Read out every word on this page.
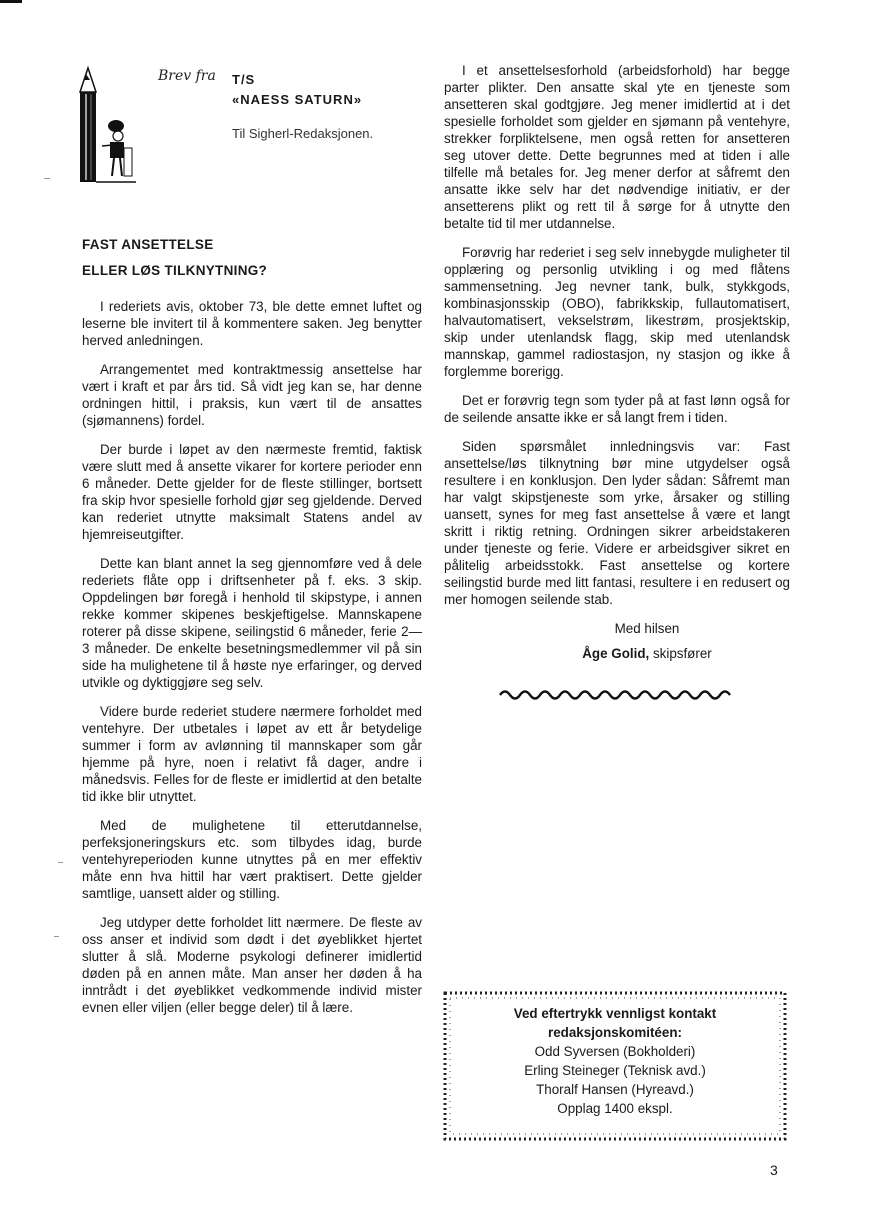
Brev fra T/S
«NAESS SATURN»
Til Sigherl-Redaksjonen.
FAST ANSETTELSE
ELLER LØS TILKNYTNING?

I rederiets avis, oktober 73, ble dette emnet luftet og leserne ble invitert til å kommentere saken. Jeg benytter herved anledningen.

Arrangementet med kontraktmessig ansettelse har vært i kraft et par års tid. Så vidt jeg kan se, har denne ordningen hittil, i praksis, kun vært til de ansattes (sjømannens) fordel.

Der burde i løpet av den nærmeste fremtid, faktisk være slutt med å ansette vikarer for kortere perioder enn 6 måneder. Dette gjelder for de fleste stillinger, bortsett fra skip hvor spesielle forhold gjør seg gjeldende. Derved kan rederiet utnytte maksimalt Statens andel av hjemreiseutgifter.

Dette kan blant annet la seg gjennomføre ved å dele rederiets flåte opp i driftsenheter på f. eks. 3 skip. Oppdelingen bør foregå i henhold til skipstype, i annen rekke kommer skipenes beskjeftigelse. Mannskapene roterer på disse skipene, seilingstid 6 måneder, ferie 2—3 måneder. De enkelte besetningsmedlemmer vil på sin side ha mulighetene til å høste nye erfaringer, og derved utvikle og dyktiggjøre seg selv.

Videre burde rederiet studere nærmere forholdet med ventehyre. Der utbetales i løpet av ett år betydelige summer i form av avlønning til mannskaper som går hjemme på hyre, noen i relativt få dager, andre i månedsvis. Felles for de fleste er imidlertid at den betalte tid ikke blir utnyttet.

Med de mulighetene til etterutdannelse, perfeksjoneringskurs etc. som tilbydes idag, burde ventehyreperioden kunne utnyttes på en mer effektiv måte enn hva hittil har vært praktisert. Dette gjelder samtlige, uansett alder og stilling.

Jeg utdyper dette forholdet litt nærmere. De fleste av oss anser et individ som dødt i det øyeblikket hjertet slutter å slå. Moderne psykologi definerer imidlertid døden på en annen måte. Man anser her døden å ha inntrådt i det øyeblikket vedkommende individ mister evnen eller viljen (eller begge deler) til å lære.

I et ansettelsesforhold (arbeidsforhold) har begge parter plikter. Den ansatte skal yte en tjeneste som ansetteren skal godtgjøre. Jeg mener imidlertid at i det spesielle forholdet som gjelder en sjømann på ventehyre, strekker forpliktelsene, men også retten for ansetteren seg utover dette. Dette begrunnes med at tiden i alle tilfelle må betales for. Jeg mener derfor at såfremt den ansatte ikke selv har det nødvendige initiativ, er der ansetterens plikt og rett til å sørge for å utnytte den betalte tid til mer utdannelse.

Forøvrig har rederiet i seg selv innebygde muligheter til opplæring og personlig utvikling i og med flåtens sammensetning. Jeg nevner tank, bulk, stykkgods, kombinasjonsskip (OBO), fabrikkskip, fullautomatisert, halvautomatisert, vekselstrøm, likestrøm, prosjektskip, skip under utenlandsk flagg, skip med utenlandsk mannskap, gammel radiostasjon, ny stasjon og ikke å forglemme borerigg.

Det er forøvrig tegn som tyder på at fast lønn også for de seilende ansatte ikke er så langt frem i tiden.

Siden spørsmålet innledningsvis var: Fast ansettelse/løs tilknytning bør mine utgydelser også resultere i en konklusjon. Den lyder sådan: Såfremt man har valgt skipstjeneste som yrke, årsaker og stilling uansett, synes for meg fast ansettelse å være et langt skritt i riktig retning. Ordningen sikrer arbeidstakeren under tjeneste og ferie. Videre er arbeidsgiver sikret en pålitelig arbeidsstokk. Fast ansettelse og kortere seilingstid burde med litt fantasi, resultere i en redusert og mer homogen seilende stab.

Med hilsen
Åge Golid, skipsfører
Ved eftertrykk vennligst kontakt
redaksjonskomitéen:
Odd Syversen (Bokholderi)
Erling Steineger (Teknisk avd.)
Thoralf Hansen (Hyreavd.)
Opplag 1400 ekspl.
3
